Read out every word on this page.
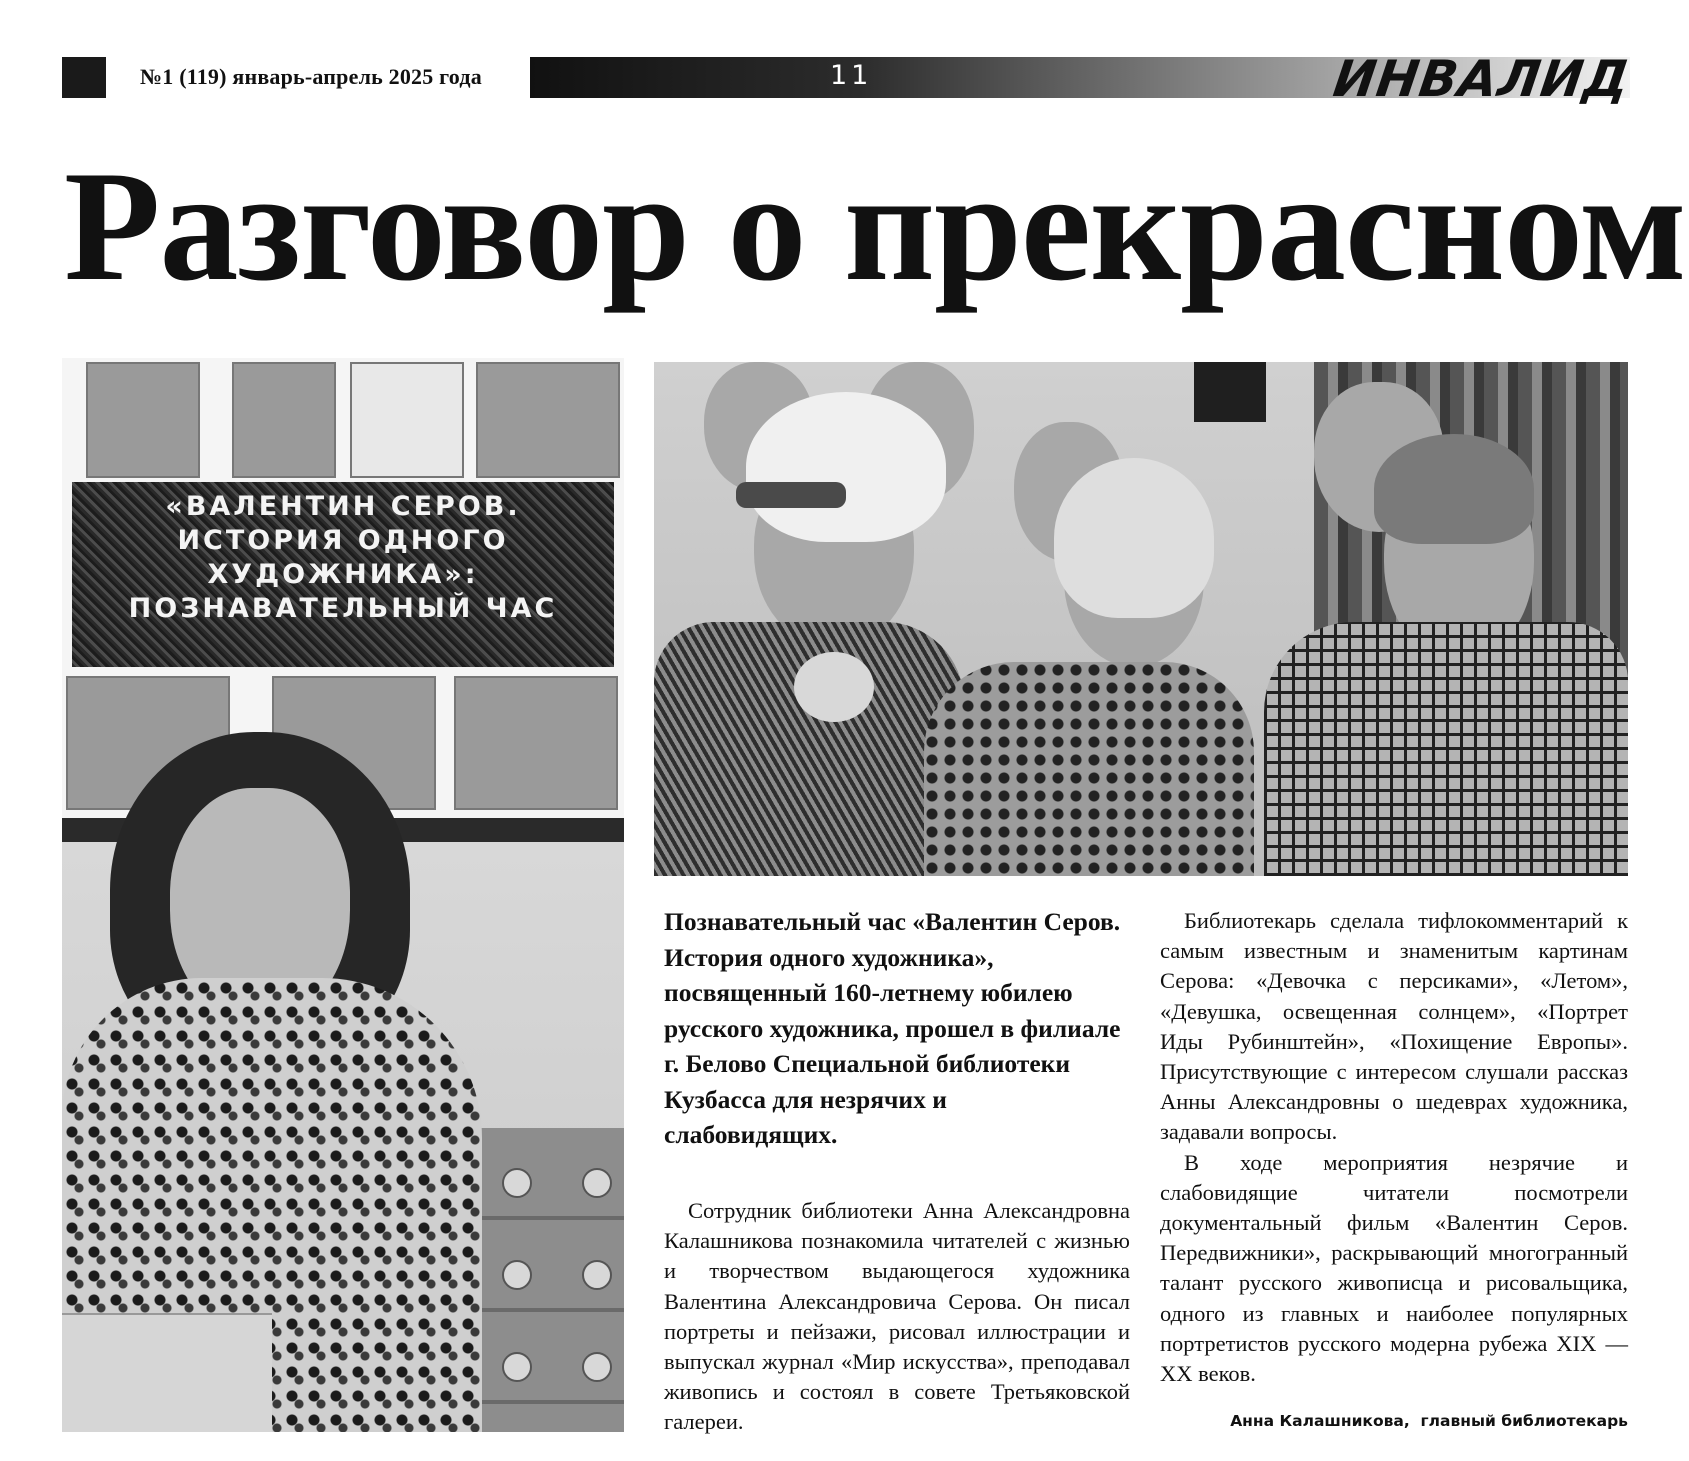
№1 (119) январь-апрель 2025 года	11	ИНВАЛИД
Разговор о прекрасном
«ВАЛЕНТИН СЕРОВ.
ИСТОРИЯ ОДНОГО
ХУДОЖНИКА»:
ПОЗНАВАТЕЛЬНЫЙ ЧАС

Познавательный час «Валентин Серов. История одного художника», посвященный 160-летнему юбилею русского художника, прошел в филиале г. Белово Специальной библиотеки Кузбасса для незрячих и слабовидящих.

Сотрудник библиотеки Анна Александровна Калашникова познакомила читателей с жизнью и творчеством выдающегося художника Валентина Александровича Серова. Он писал портреты и пейзажи, рисовал иллюстрации и выпускал журнал «Мир искусства», преподавал живопись и состоял в совете Третьяковской галереи.

Библиотекарь сделала тифлокомментарий к самым известным и знаменитым картинам Серова: «Девочка с персиками», «Летом», «Девушка, освещенная солнцем», «Портрет Иды Рубинштейн», «Похищение Европы». Присутствующие с интересом слушали рассказ Анны Александровны о шедеврах художника, задавали вопросы.

В ходе мероприятия незрячие и слабовидящие читатели посмотрели документальный фильм «Валентин Серов. Передвижники», раскрывающий многогранный талант русского живописца и рисовальщика, одного из главных и наиболее популярных портретистов русского модерна рубежа XIX — XX веков.

Анна Калашникова,  главный библиотекарь
